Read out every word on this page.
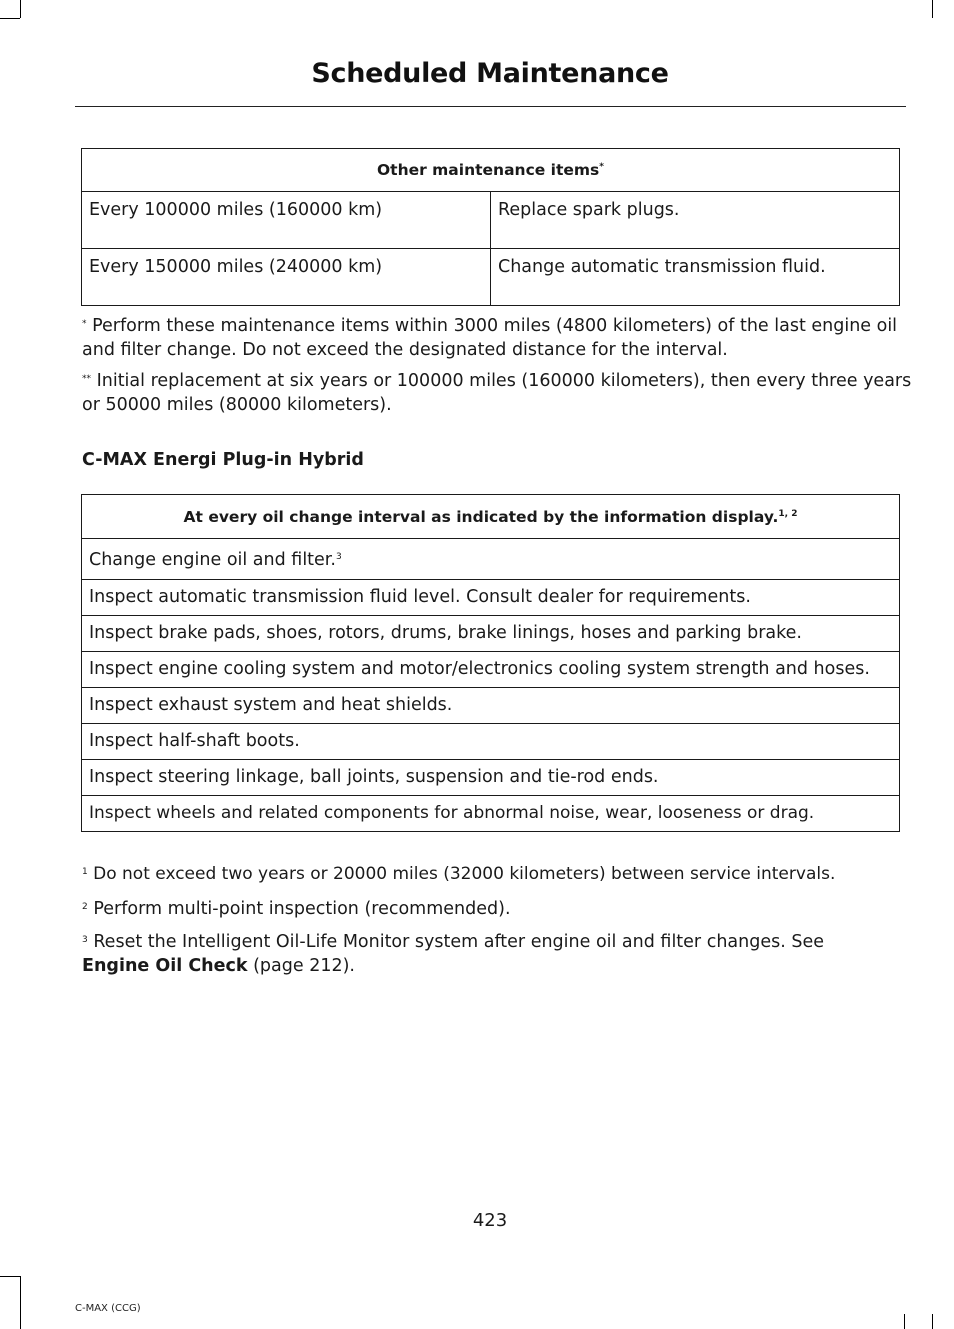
Scheduled Maintenance
Other maintenance items*
Every 100000 miles (160000 km)	Replace spark plugs.
Every 150000 miles (240000 km)	Change automatic transmission fluid.
* Perform these maintenance items within 3000 miles (4800 kilometers) of the last engine oil and filter change. Do not exceed the designated distance for the interval.
** Initial replacement at six years or 100000 miles (160000 kilometers), then every three years or 50000 miles (80000 kilometers).
C-MAX Energi Plug-in Hybrid
At every oil change interval as indicated by the information display.$^{1, 2}$
Change engine oil and filter.$^3$
Inspect automatic transmission fluid level. Consult dealer for requirements.
Inspect brake pads, shoes, rotors, drums, brake linings, hoses and parking brake.
Inspect engine cooling system and motor/electronics cooling system strength and hoses.
Inspect exhaust system and heat shields.
Inspect half-shaft boots.
Inspect steering linkage, ball joints, suspension and tie-rod ends.
Inspect wheels and related components for abnormal noise, wear, looseness or drag.
$^1$ Do not exceed two years or 20000 miles (32000 kilometers) between service intervals.
$^2$ Perform multi-point inspection (recommended).
$^3$ Reset the Intelligent Oil-Life Monitor system after engine oil and filter changes. See
Engine Oil Check (page 212).
423
C-MAX (CCG)
